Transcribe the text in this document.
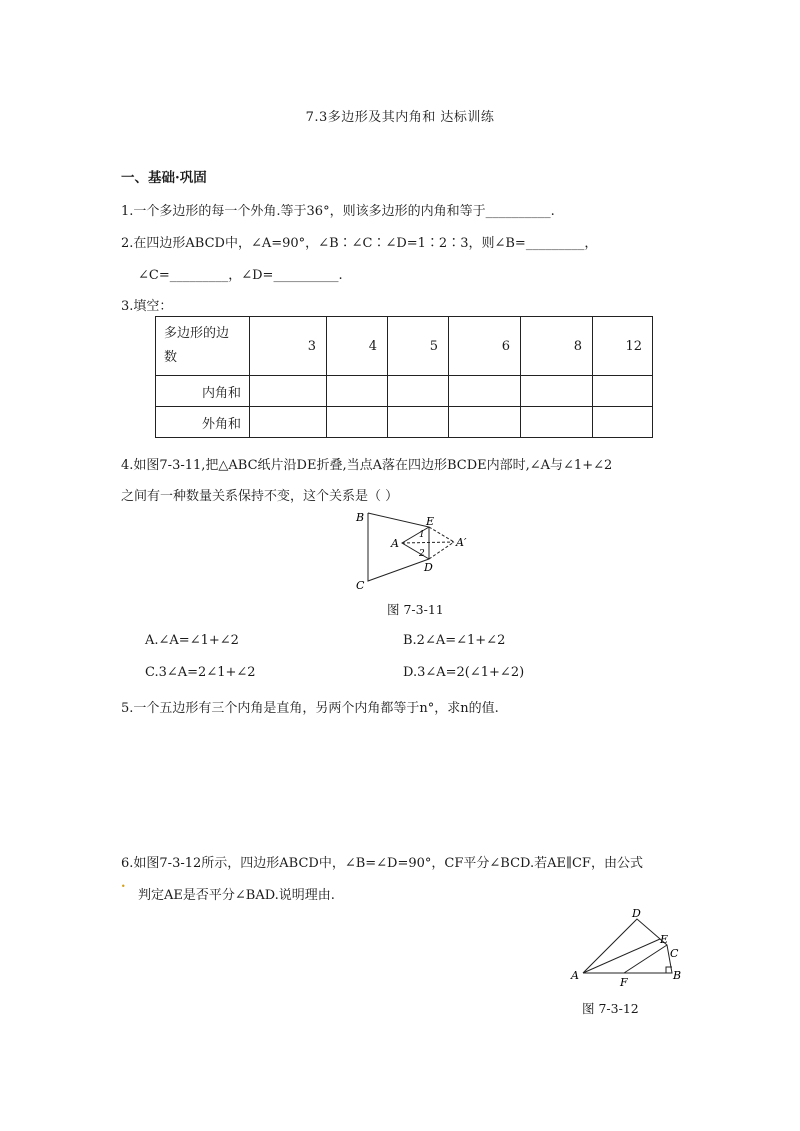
7.3多边形及其内角和 达标训练
一、基础·巩固
1.一个多边形的每一个外角.等于36°，则该多边形的内角和等于__________.
2.在四边形ABCD中，∠A=90°，∠B∶∠C∶∠D=1∶2∶3，则∠B=_________，
∠C=_________，∠D=__________.
3.填空：
多边形的边
数	3	4	5	6	8	12
内角和						
外角和						
4.如图7-3-11,把△ABC纸片沿DE折叠,当点A落在四边形BCDE内部时,∠A与∠1+∠2
之间有一种数量关系保持不变，这个关系是（ ）
B
C
E
D
A	A′
1
2
图 7-3-11
A.∠A=∠1+∠2	B.2∠A=∠1+∠2
C.3∠A=2∠1+∠2	D.3∠A=2(∠1+∠2)
5.一个五边形有三个内角是直角，另两个内角都等于n°，求n的值.
6.如图7-3-12所示，四边形ABCD中，∠B=∠D=90°，CF平分∠BCD.若AE∥CF，由公式
.
判定AE是否平分∠BAD.说明理由.
D
E
C
A
F
B
图 7-3-12
